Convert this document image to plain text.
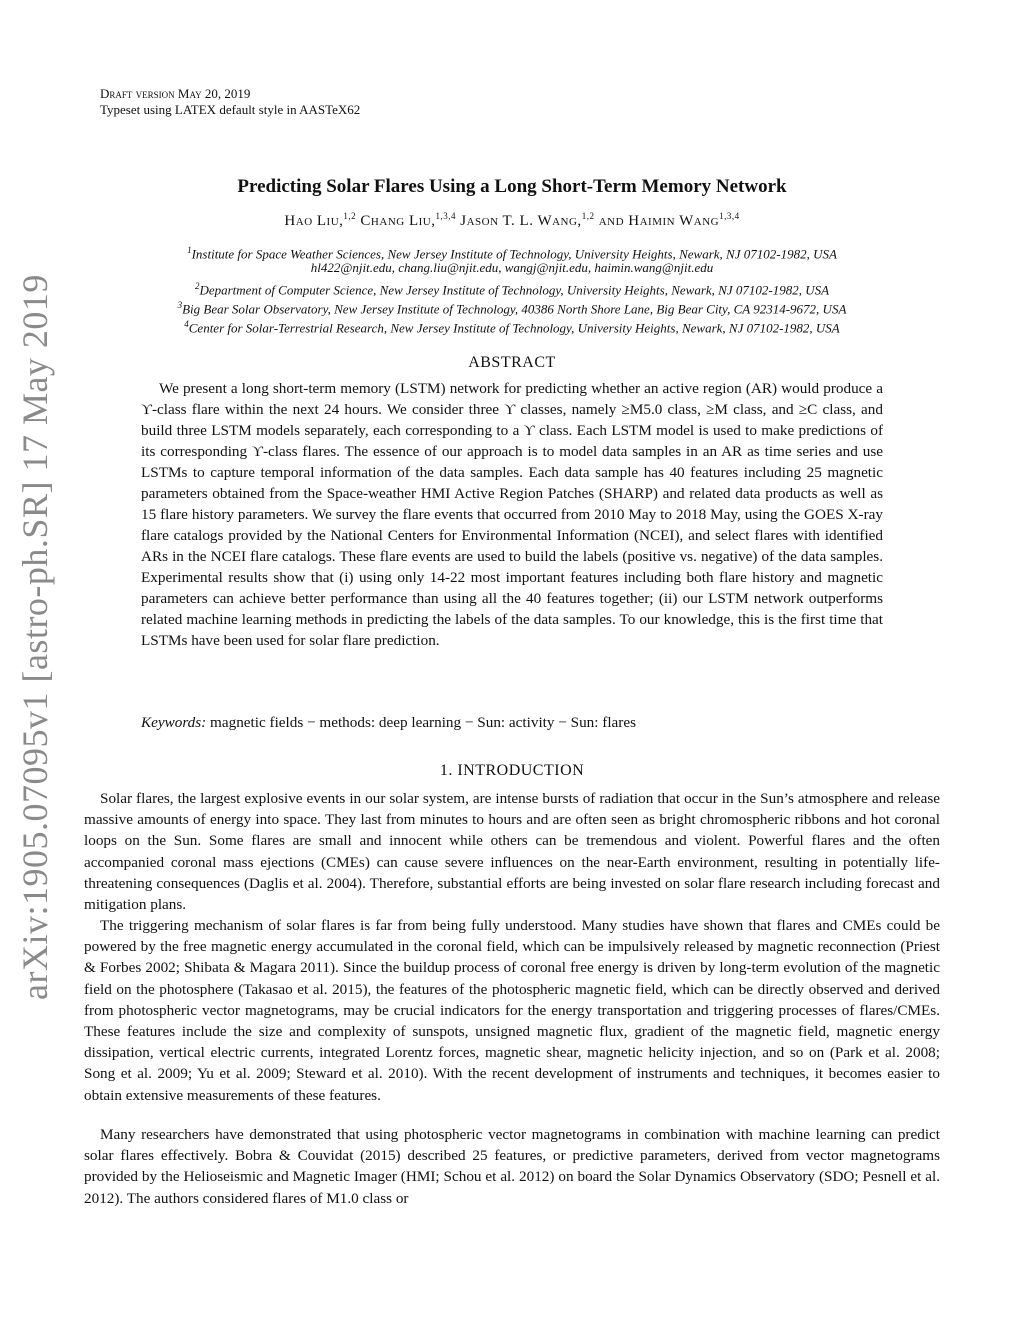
arXiv:1905.07095v1 [astro-ph.SR] 17 May 2019
Draft version May 20, 2019
Typeset using LATEX default style in AASTeX62
Predicting Solar Flares Using a Long Short-Term Memory Network
Hao Liu,$^{1,2}$ Chang Liu,$^{1,3,4}$ Jason T. L. Wang,$^{1,2}$ and Haimin Wang$^{1,3,4}$
$^1$Institute for Space Weather Sciences, New Jersey Institute of Technology, University Heights, Newark, NJ 07102-1982, USA
hl422@njit.edu, chang.liu@njit.edu, wangj@njit.edu, haimin.wang@njit.edu
$^2$Department of Computer Science, New Jersey Institute of Technology, University Heights, Newark, NJ 07102-1982, USA
$^3$Big Bear Solar Observatory, New Jersey Institute of Technology, 40386 North Shore Lane, Big Bear City, CA 92314-9672, USA
$^4$Center for Solar-Terrestrial Research, New Jersey Institute of Technology, University Heights, Newark, NJ 07102-1982, USA
ABSTRACT

We present a long short-term memory (LSTM) network for predicting whether an active region (AR) would produce a ϒ-class flare within the next 24 hours. We consider three ϒ classes, namely ≥M5.0 class, ≥M class, and ≥C class, and build three LSTM models separately, each corresponding to a ϒ class. Each LSTM model is used to make predictions of its corresponding ϒ-class flares. The essence of our approach is to model data samples in an AR as time series and use LSTMs to capture temporal information of the data samples. Each data sample has 40 features including 25 magnetic parameters obtained from the Space-weather HMI Active Region Patches (SHARP) and related data products as well as 15 flare history parameters. We survey the flare events that occurred from 2010 May to 2018 May, using the GOES X-ray flare catalogs provided by the National Centers for Environmental Information (NCEI), and select flares with identified ARs in the NCEI flare catalogs. These flare events are used to build the labels (positive vs. negative) of the data samples. Experimental results show that (i) using only 14-22 most important features including both flare history and magnetic parameters can achieve better performance than using all the 40 features together; (ii) our LSTM network outperforms related machine learning methods in predicting the labels of the data samples. To our knowledge, this is the first time that LSTMs have been used for solar flare prediction.

Keywords: magnetic fields − methods: deep learning − Sun: activity − Sun: flares
1. INTRODUCTION

Solar flares, the largest explosive events in our solar system, are intense bursts of radiation that occur in the Sun’s atmosphere and release massive amounts of energy into space. They last from minutes to hours and are often seen as bright chromospheric ribbons and hot coronal loops on the Sun. Some flares are small and innocent while others can be tremendous and violent. Powerful flares and the often accompanied coronal mass ejections (CMEs) can cause severe influences on the near-Earth environment, resulting in potentially life-threatening consequences (Daglis et al. 2004). Therefore, substantial efforts are being invested on solar flare research including forecast and mitigation plans.

The triggering mechanism of solar flares is far from being fully understood. Many studies have shown that flares and CMEs could be powered by the free magnetic energy accumulated in the coronal field, which can be impulsively released by magnetic reconnection (Priest & Forbes 2002; Shibata & Magara 2011). Since the buildup process of coronal free energy is driven by long-term evolution of the magnetic field on the photosphere (Takasao et al. 2015), the features of the photospheric magnetic field, which can be directly observed and derived from photospheric vector magnetograms, may be crucial indicators for the energy transportation and triggering processes of flares/CMEs. These features include the size and complexity of sunspots, unsigned magnetic flux, gradient of the magnetic field, magnetic energy dissipation, vertical electric currents, integrated Lorentz forces, magnetic shear, magnetic helicity injection, and so on (Park et al. 2008; Song et al. 2009; Yu et al. 2009; Steward et al. 2010). With the recent development of instruments and techniques, it becomes easier to obtain extensive measurements of these features.

Many researchers have demonstrated that using photospheric vector magnetograms in combination with machine learning can predict solar flares effectively. Bobra & Couvidat (2015) described 25 features, or predictive parameters, derived from vector magnetograms provided by the Helioseismic and Magnetic Imager (HMI; Schou et al. 2012) on board the Solar Dynamics Observatory (SDO; Pesnell et al. 2012). The authors considered flares of M1.0 class or
